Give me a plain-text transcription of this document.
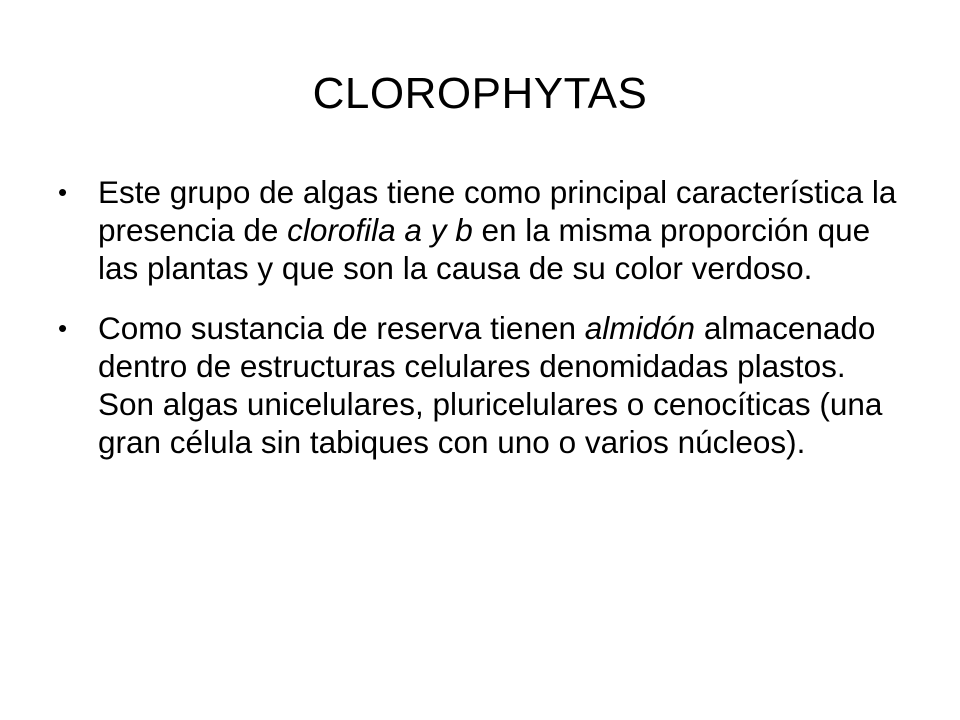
CLOROPHYTAS
• Este grupo de algas tiene como principal característica la presencia de clorofila a y b en la misma proporción que las plantas y que son la causa de su color verdoso.
• Como sustancia de reserva tienen almidón almacenado dentro de estructuras celulares denomidadas plastos. Son algas unicelulares, pluricelulares o cenocíticas (una gran célula sin tabiques con uno o varios núcleos).
